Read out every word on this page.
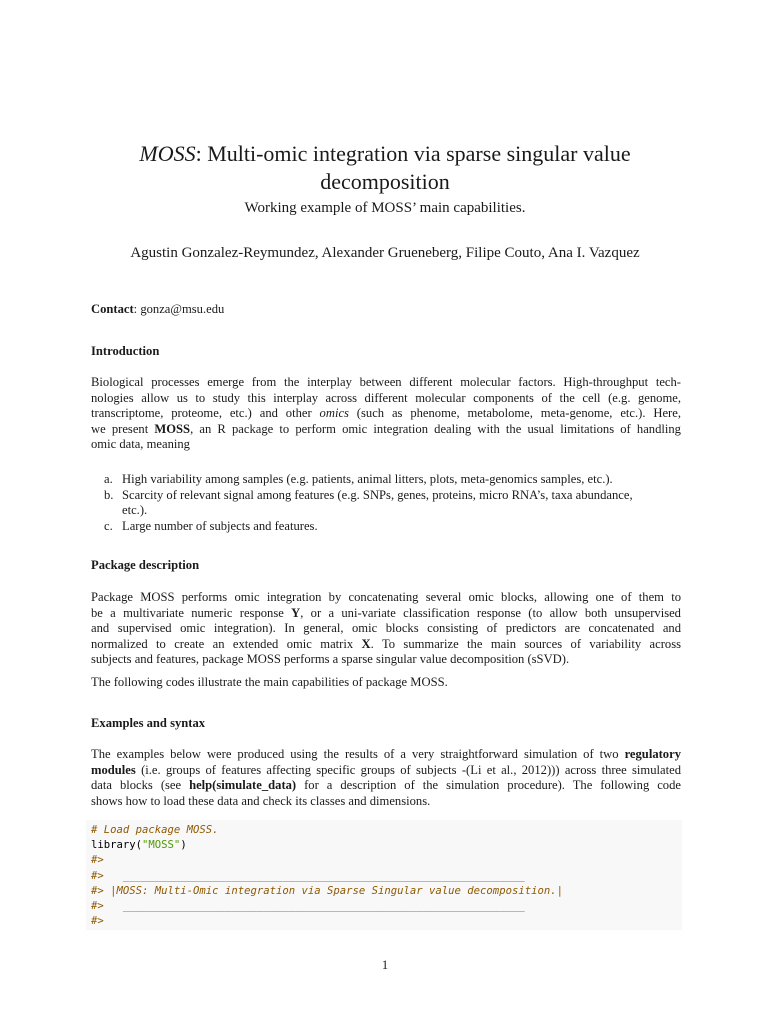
MOSS: Multi-omic integration via sparse singular value
decomposition
Working example of MOSS’ main capabilities.
Agustin Gonzalez-Reymundez, Alexander Grueneberg, Filipe Couto, Ana I. Vazquez
Contact: gonza@msu.edu
Introduction
Biological processes emerge from the interplay between different molecular factors. High-throughput tech-
nologies allow us to study this interplay across different molecular components of the cell (e.g. genome,
transcriptome, proteome, etc.) and other omics (such as phenome, metabolome, meta-genome, etc.). Here,
we present MOSS, an R package to perform omic integration dealing with the usual limitations of handling
omic data, meaning
a. High variability among samples (e.g. patients, animal litters, plots, meta-genomics samples, etc.).
b. Scarcity of relevant signal among features (e.g. SNPs, genes, proteins, micro RNA’s, taxa abundance,
etc.).
c. Large number of subjects and features.
Package description
Package MOSS performs omic integration by concatenating several omic blocks, allowing one of them to
be a multivariate numeric response Y, or a uni-variate classification response (to allow both unsupervised
and supervised omic integration). In general, omic blocks consisting of predictors are concatenated and
normalized to create an extended omic matrix X. To summarize the main sources of variability across
subjects and features, package MOSS performs a sparse singular value decomposition (sSVD).
The following codes illustrate the main capabilities of package MOSS.
Examples and syntax
The examples below were produced using the results of a very straightforward simulation of two regulatory
modules (i.e. groups of features affecting specific groups of subjects -(Li et al., 2012))) across three simulated
data blocks (see help(simulate_data) for a description of the simulation procedure). The following code
shows how to load these data and check its classes and dimensions.
# Load package MOSS.
library("MOSS")
#>
#>   _______________________________________________________________
#> |MOSS: Multi-Omic integration via Sparse Singular value decomposition.|
#>   _______________________________________________________________
#>
1
